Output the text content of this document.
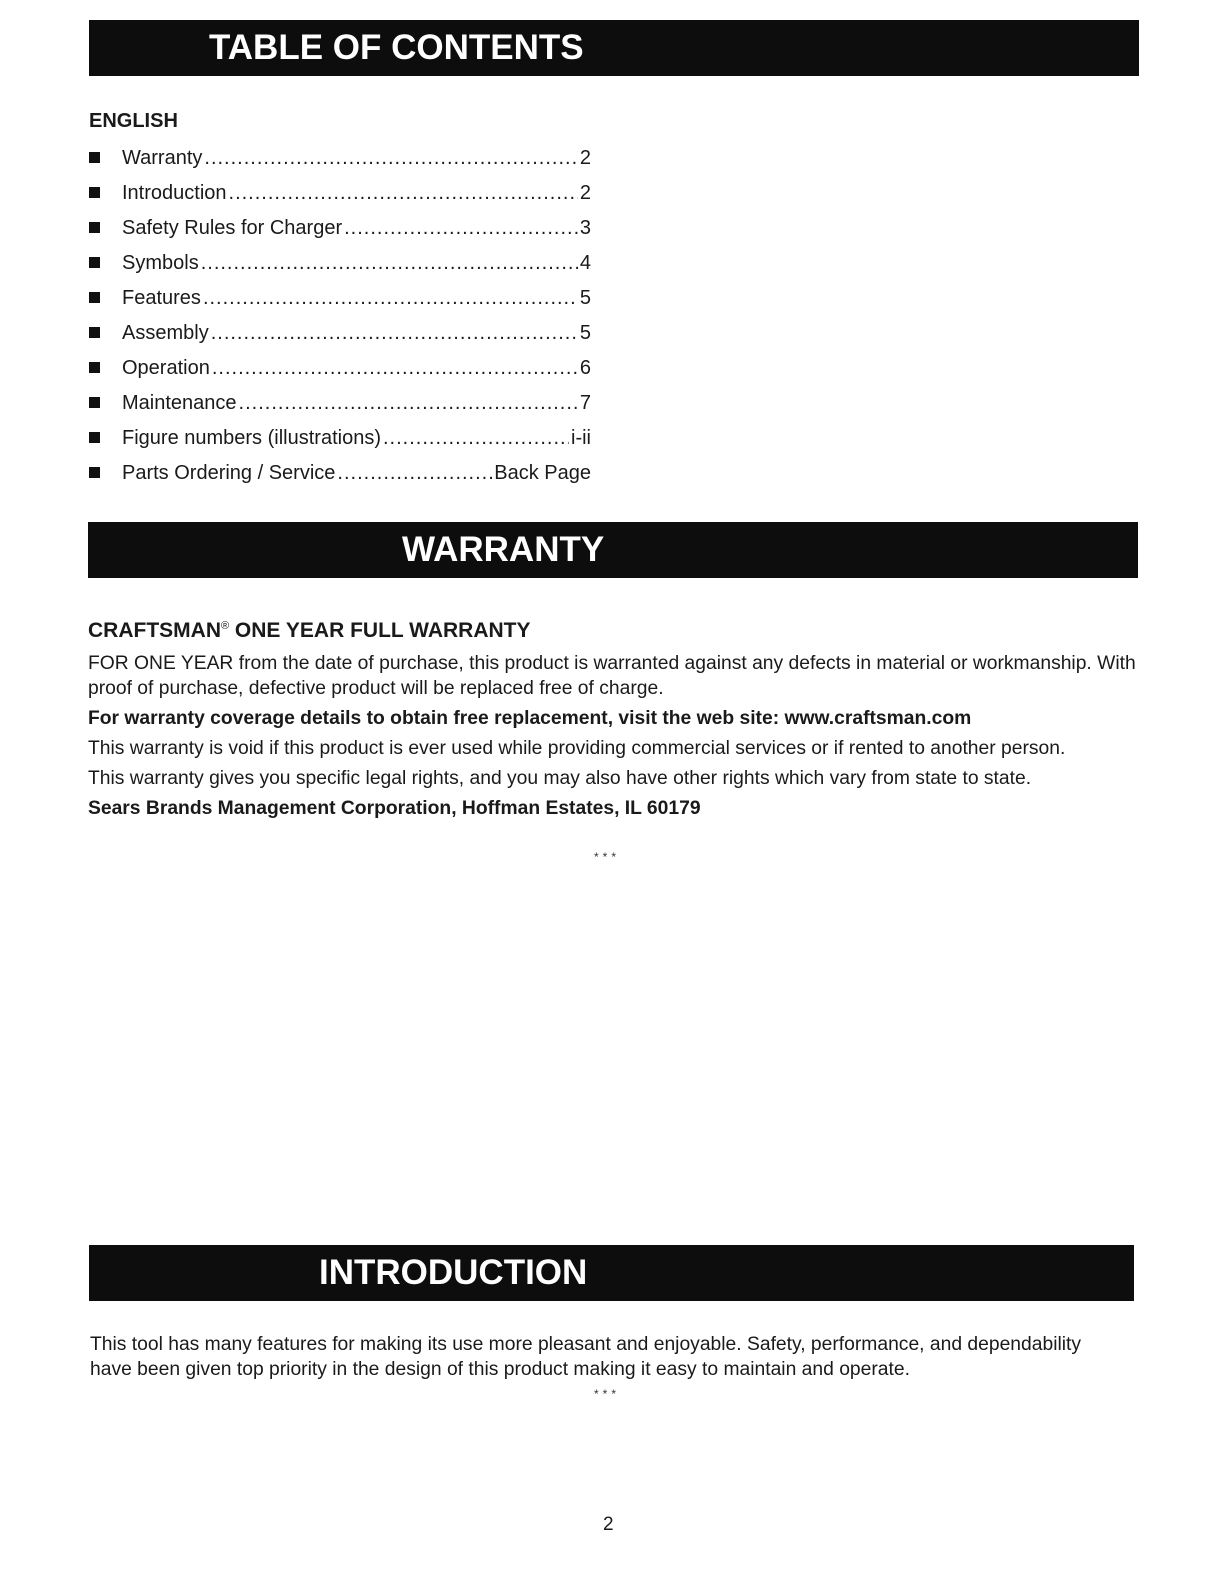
TABLE OF CONTENTS
ENGLISH
Warranty .....	2
Introduction .....	2
Safety Rules for Charger .....	3
Symbols .....	4
Features .....	5
Assembly .....	5
Operation .....	6
Maintenance .....	7
Figure numbers (illustrations) .....	i-ii
Parts Ordering / Service .....	Back Page
WARRANTY
CRAFTSMAN® ONE YEAR FULL WARRANTY

FOR ONE YEAR from the date of purchase, this product is warranted against any defects in material or workmanship. With proof of purchase, defective product will be replaced free of charge.

For warranty coverage details to obtain free replacement, visit the web site: www.craftsman.com

This warranty is void if this product is ever used while providing commercial services or if rented to another person.

This warranty gives you specific legal rights, and you may also have other rights which vary from state to state.

Sears Brands Management Corporation, Hoffman Estates, IL 60179

***
INTRODUCTION

This tool has many features for making its use more pleasant and enjoyable. Safety, performance, and dependability have been given top priority in the design of this product making it easy to maintain and operate.

***
2
